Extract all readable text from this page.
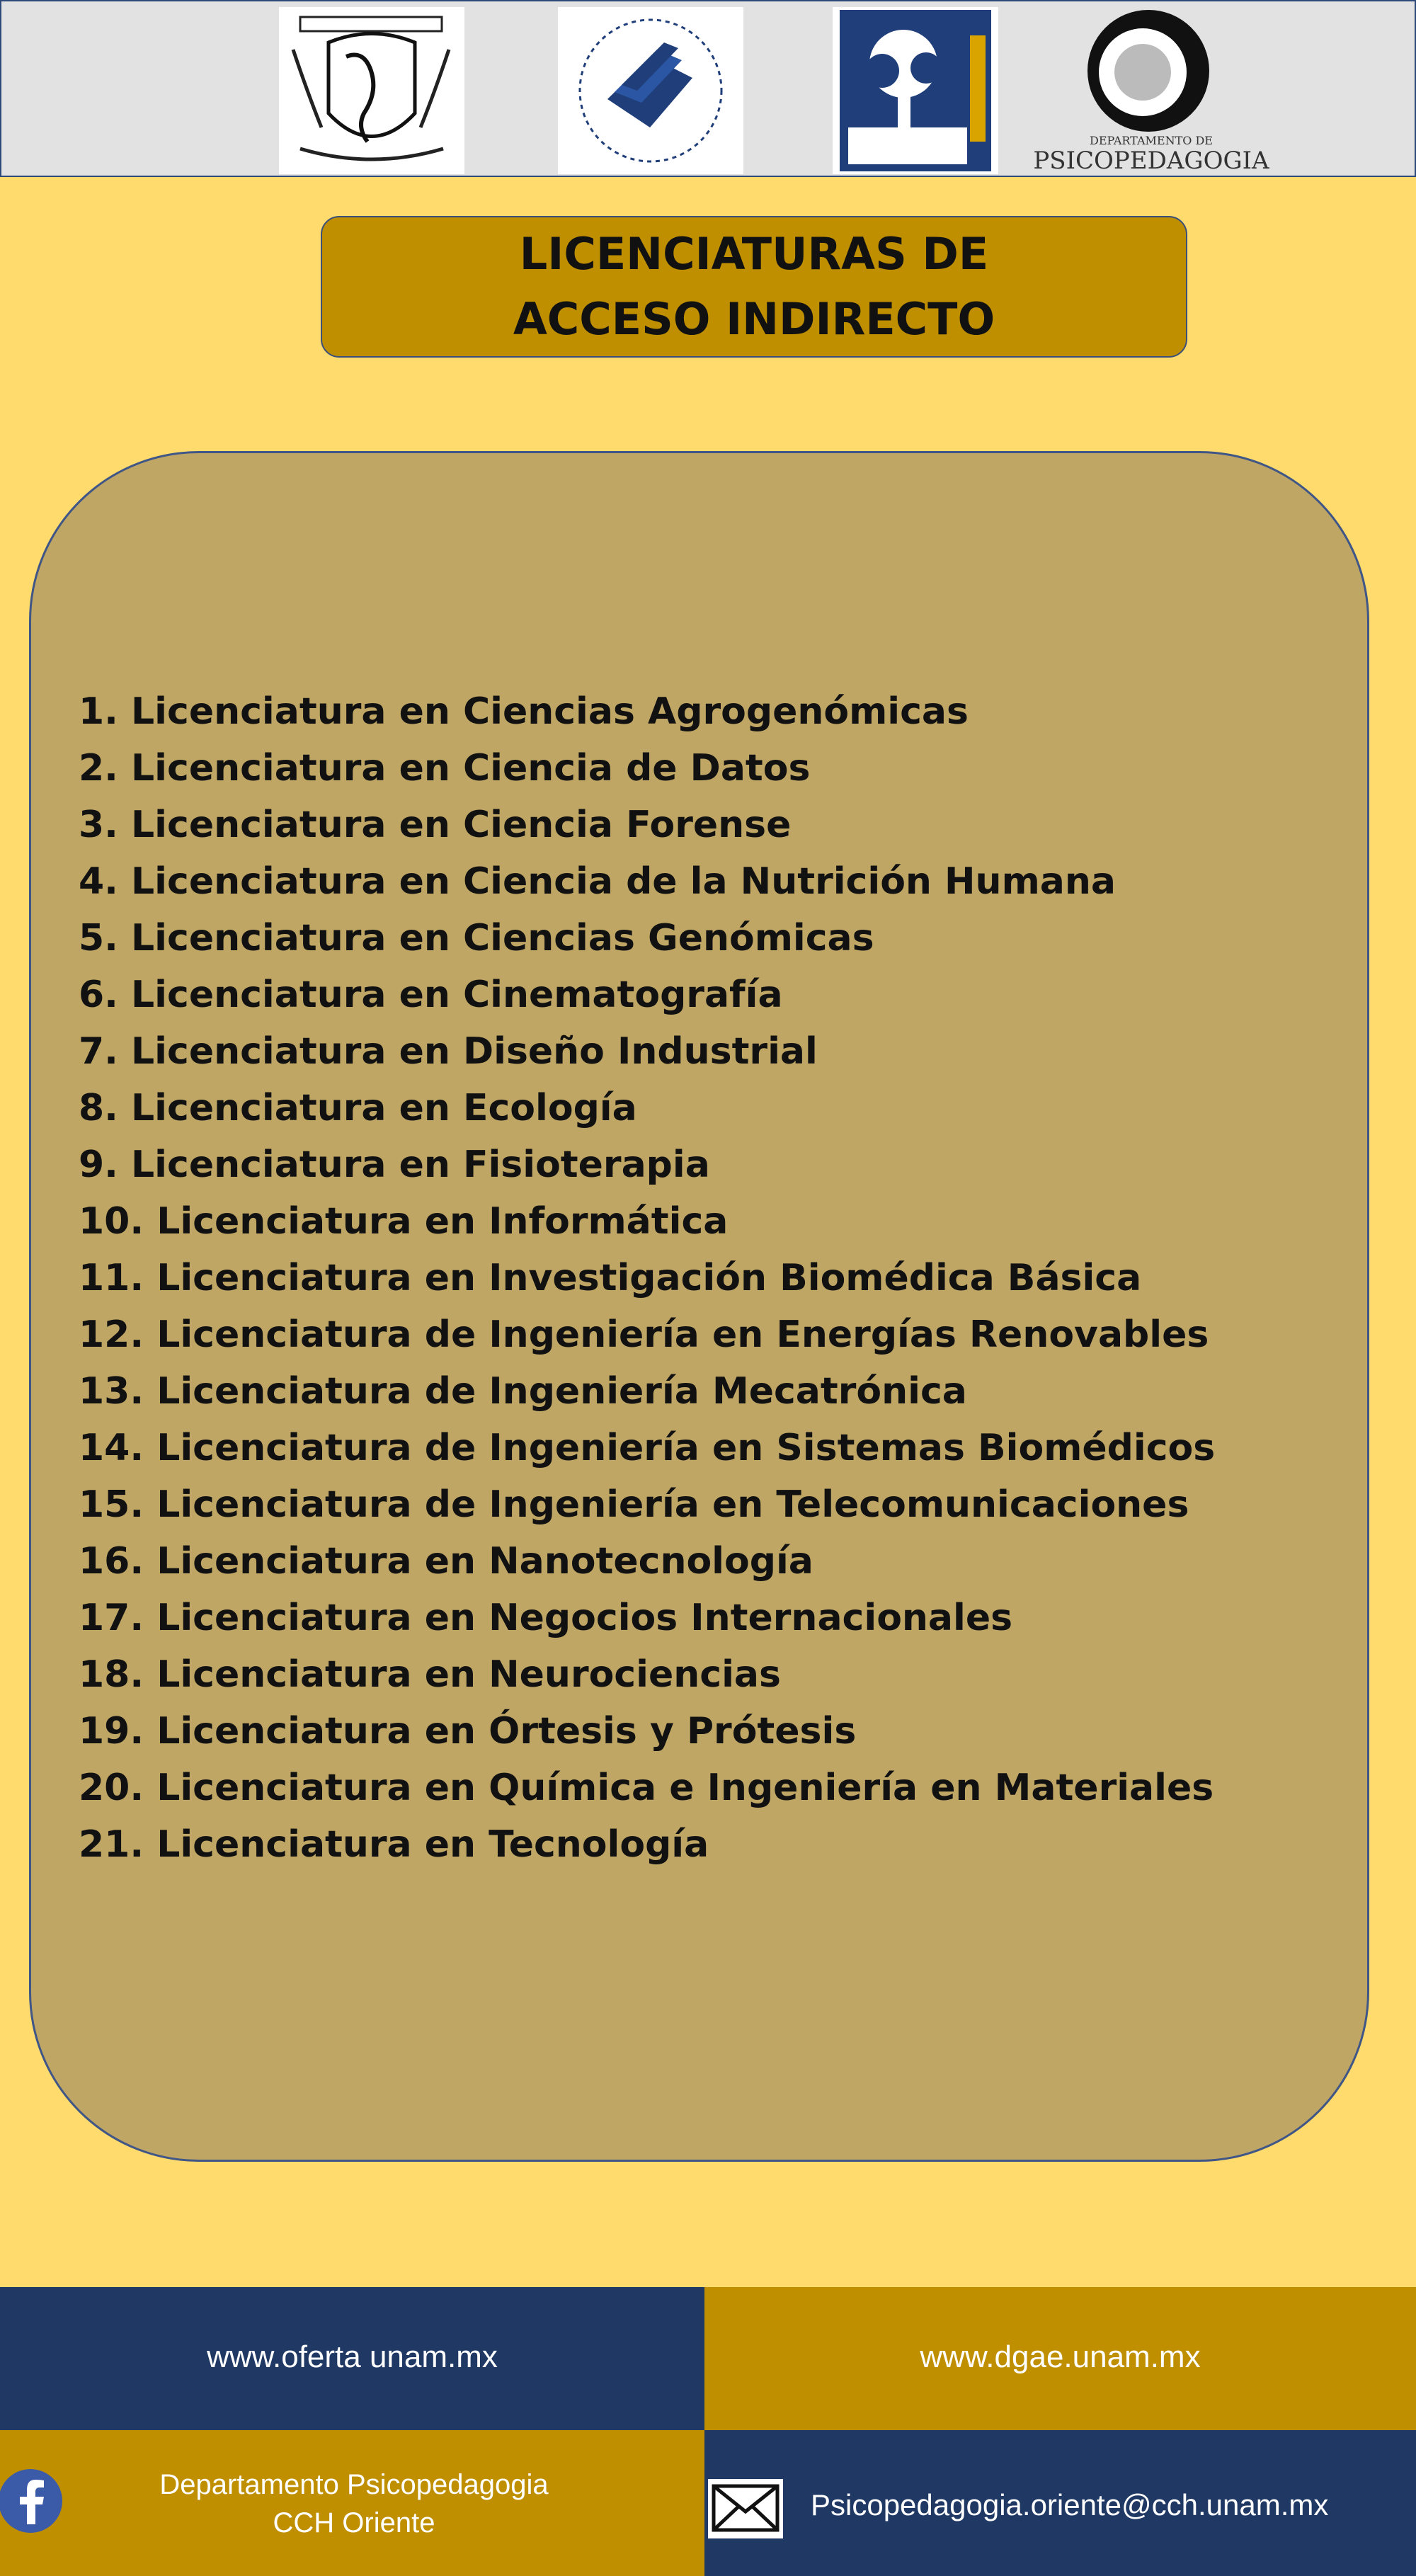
DEPARTAMENTO DE
PSICOPEDAGOGIA
LICENCIATURAS DE ACCESO INDIRECTO
1. Licenciatura en Ciencias Agrogenómicas
2. Licenciatura en Ciencia de Datos
3. Licenciatura en Ciencia Forense
4. Licenciatura en Ciencia de la Nutrición Humana
5. Licenciatura en Ciencias Genómicas
6. Licenciatura en Cinematografía
7. Licenciatura en Diseño Industrial
8. Licenciatura en Ecología
9. Licenciatura en Fisioterapia
10. Licenciatura en Informática
11. Licenciatura en Investigación Biomédica Básica
12. Licenciatura de Ingeniería en Energías Renovables
13. Licenciatura de Ingeniería Mecatrónica
14. Licenciatura de Ingeniería en Sistemas Biomédicos
15. Licenciatura de Ingeniería en Telecomunicaciones
16. Licenciatura en Nanotecnología
17. Licenciatura en Negocios Internacionales
18. Licenciatura en Neurociencias
19. Licenciatura en Órtesis y Prótesis
20. Licenciatura en Química e Ingeniería en Materiales
21. Licenciatura en Tecnología
www.oferta unam.mx	www.dgae.unam.mx
Departamento Psicopedagogia
CCH Oriente
Psicopedagogia.oriente@cch.unam.mx
